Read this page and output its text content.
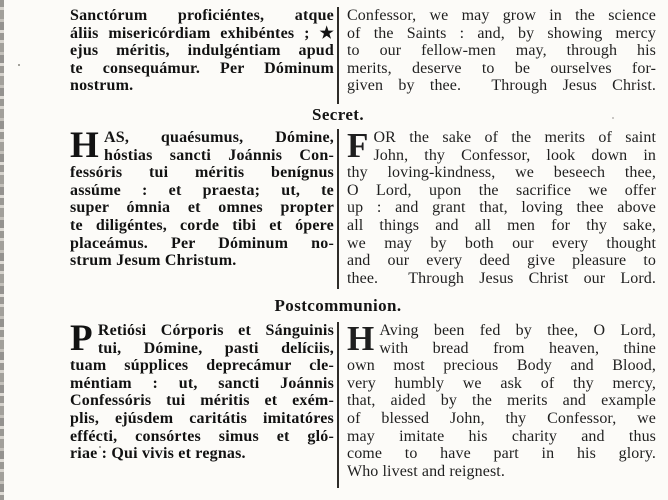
Sanctórum proficiéntes, atque
áliis misericórdiam exhibéntes ; ★
ejus méritis, indulgéntiam apud
te consequámur. Per Dóminum
nostrum.
Confessor, we may grow in the science
of the Saints : and, by showing mercy
to our fellow-men may, through his
merits, deserve to be ourselves for-
given by thee.  Through Jesus Christ.
Secret.
H AS, quaésumus, Dómine,
hóstias sancti Joánnis Con-
fessóris tui méritis benígnus
assúme : et praesta; ut, te
super ómnia et omnes propter
te diligéntes, corde tibi et ópere
placeámus. Per Dóminum no-
strum Jesum Christum.
F OR the sake of the merits of saint
John, thy Confessor, look down in
thy loving-kindness, we beseech thee,
O Lord, upon the sacrifice we offer
up : and grant that, loving thee above
all things and all men for thy sake,
we may by both our every thought
and our every deed give pleasure to
thee.  Through Jesus Christ our Lord.
Postcommunion.
P Retiósi Córporis et Sánguinis
tui, Dómine, pasti delíciis,
tuam súpplices deprecámur cle-
méntiam : ut, sancti Joánnis
Confessóris tui méritis et exém-
plis, ejúsdem caritátis imitatóres
effécti, consórtes simus et gló-
riae : Qui vivis et regnas.
H Aving been fed by thee, O Lord,
with bread from heaven, thine
own most precious Body and Blood,
very humbly we ask of thy mercy,
that, aided by the merits and example
of blessed John, thy Confessor, we
may imitate his charity and thus
come to have part in his glory.
Who livest and reignest.
